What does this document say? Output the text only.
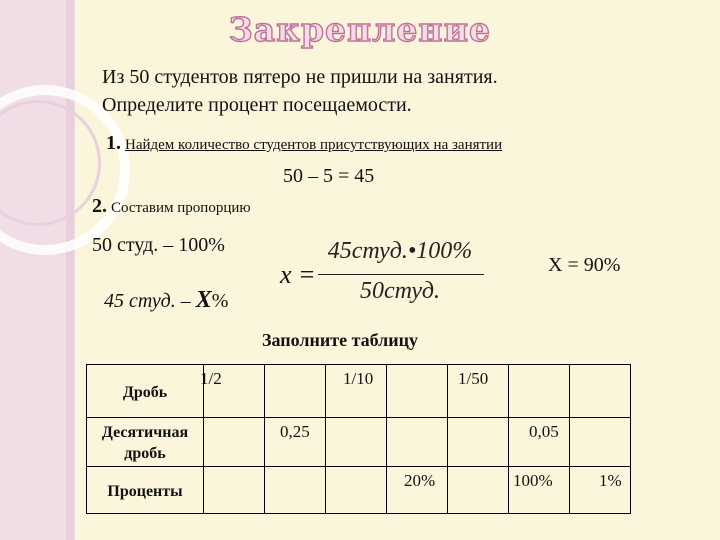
Закрепление
Из 50 студентов пятеро не пришли на занятия.
Определите процент посещаемости.
1. Найдем количество студентов присутствующих на занятии
50 – 5 = 45
2. Составим пропорцию
50 студ. – 100%
45 студ. – Х%
x =
45студ.•100%
50студ.
Х = 90%
Заполните таблицу
Дробь	1/2		1/10		1/50		

Десятичная дробь		0,25				0,05	

Проценты				20%		100%	1%
